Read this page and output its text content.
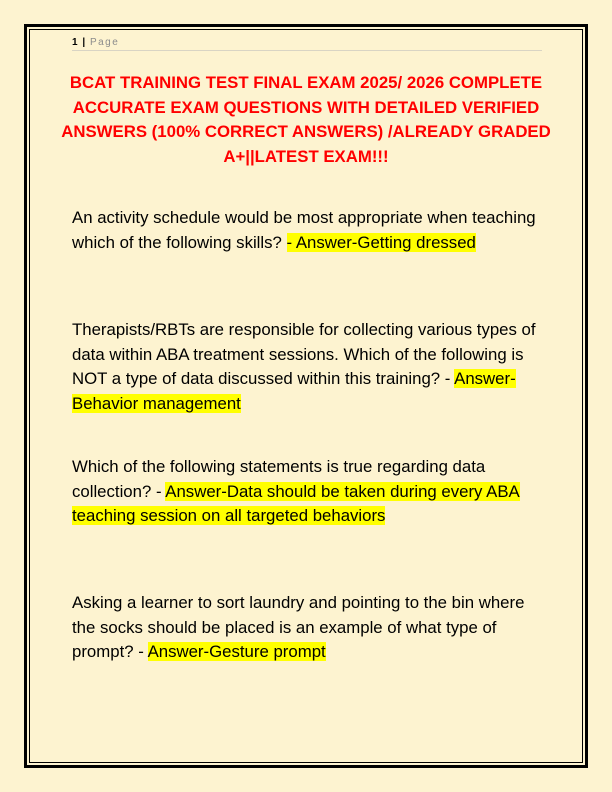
1 | Page

BCAT TRAINING TEST FINAL EXAM 2025/ 2026 COMPLETE ACCURATE EXAM QUESTIONS WITH DETAILED VERIFIED ANSWERS (100% CORRECT ANSWERS) /ALREADY GRADED A+||LATEST EXAM!!!

An activity schedule would be most appropriate when teaching which of the following skills? - Answer-Getting dressed

Therapists/RBTs are responsible for collecting various types of data within ABA treatment sessions. Which of the following is NOT a type of data discussed within this training? - Answer-Behavior management

Which of the following statements is true regarding data collection? - Answer-Data should be taken during every ABA teaching session on all targeted behaviors

Asking a learner to sort laundry and pointing to the bin where the socks should be placed is an example of what type of prompt? - Answer-Gesture prompt
